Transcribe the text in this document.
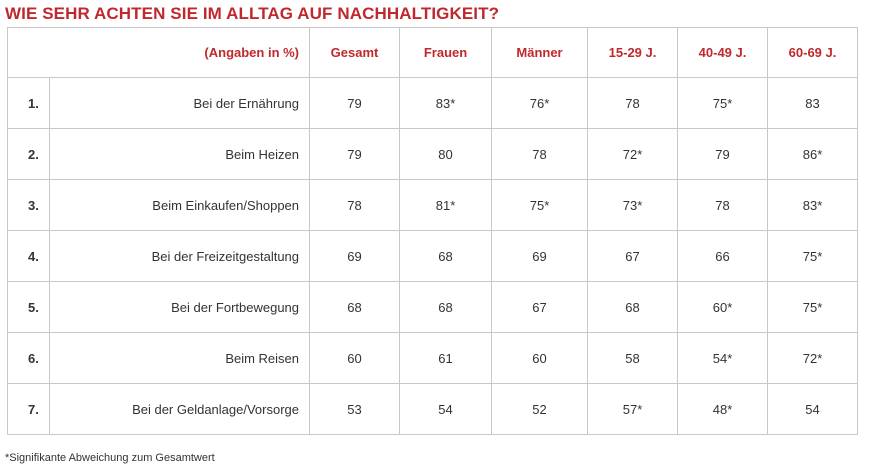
WIE SEHR ACHTEN SIE IM ALLTAG AUF NACHHALTIGKEIT?
(Angaben in %)		Gesamt	Frauen	Männer	15-29 J.	40-49 J.	60-69 J.
1.	Bei der Ernährung	79	83*	76*	78	75*	83
2.	Beim Heizen	79	80	78	72*	79	86*
3.	Beim Einkaufen/Shoppen	78	81*	75*	73*	78	83*
4.	Bei der Freizeitgestaltung	69	68	69	67	66	75*
5.	Bei der Fortbewegung	68	68	67	68	60*	75*
6.	Beim Reisen	60	61	60	58	54*	72*
7.	Bei der Geldanlage/Vorsorge	53	54	52	57*	48*	54
*Signifikante Abweichung zum Gesamtwert
